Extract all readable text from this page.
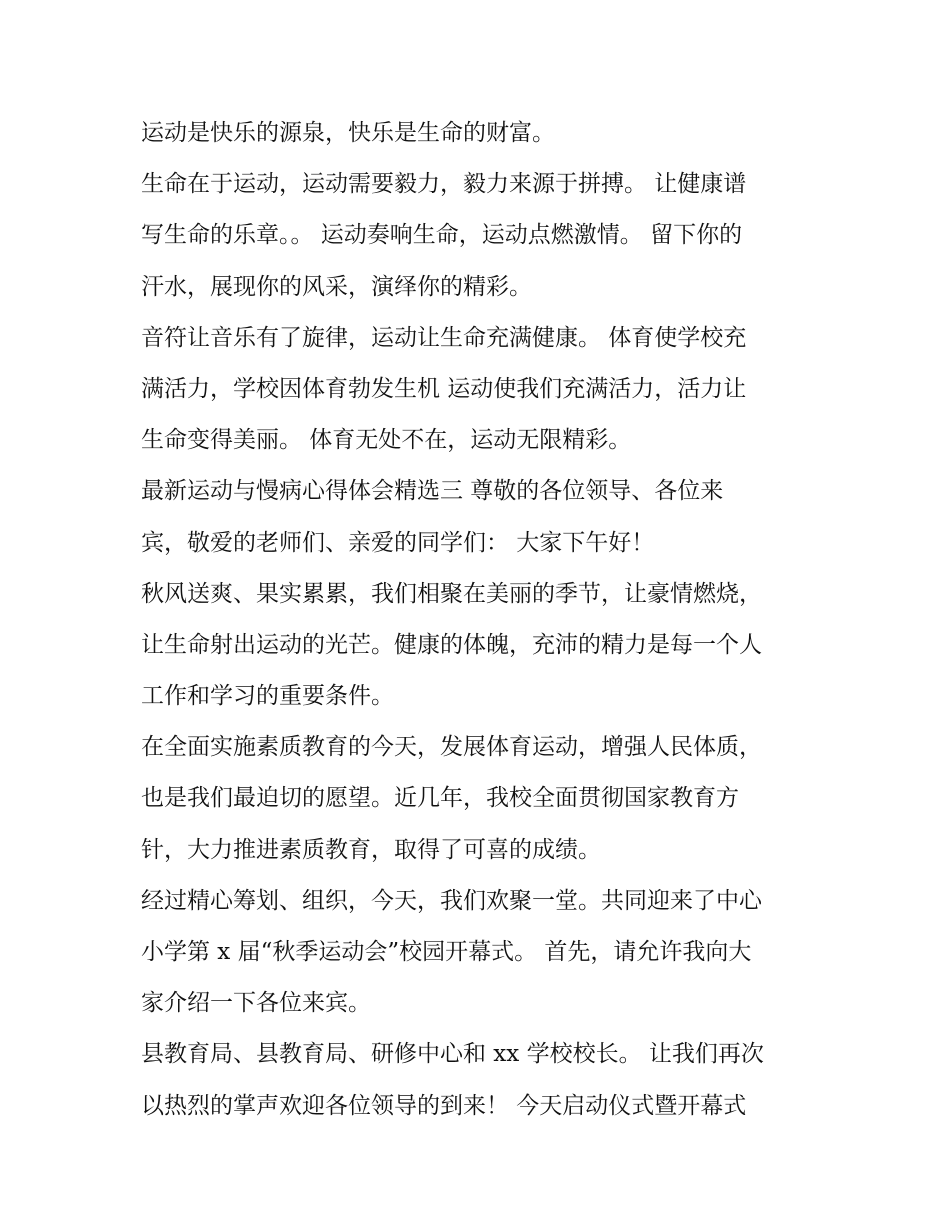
运动是快乐的源泉，快乐是生命的财富。
生命在于运动，运动需要毅力，毅力来源于拼搏。 让健康谱
写生命的乐章。。 运动奏响生命，运动点燃激情。 留下你的
汗水，展现你的风采，演绎你的精彩。
音符让音乐有了旋律，运动让生命充满健康。 体育使学校充
满活力，学校因体育勃发生机 运动使我们充满活力，活力让
生命变得美丽。 体育无处不在，运动无限精彩。
最新运动与慢病心得体会精选三 尊敬的各位领导、各位来
宾，敬爱的老师们、亲爱的同学们： 大家下午好！
秋风送爽、果实累累，我们相聚在美丽的季节，让豪情燃烧，
让生命射出运动的光芒。健康的体魄，充沛的精力是每一个人
工作和学习的重要条件。
在全面实施素质教育的今天，发展体育运动，增强人民体质，
也是我们最迫切的愿望。近几年，我校全面贯彻国家教育方
针，大力推进素质教育，取得了可喜的成绩。
经过精心筹划、组织，今天，我们欢聚一堂。共同迎来了中心
小学第 x 届“秋季运动会”校园开幕式。 首先，请允许我向大
家介绍一下各位来宾。
县教育局、县教育局、研修中心和 xx 学校校长。 让我们再次
以热烈的掌声欢迎各位领导的到来！ 今天启动仪式暨开幕式
